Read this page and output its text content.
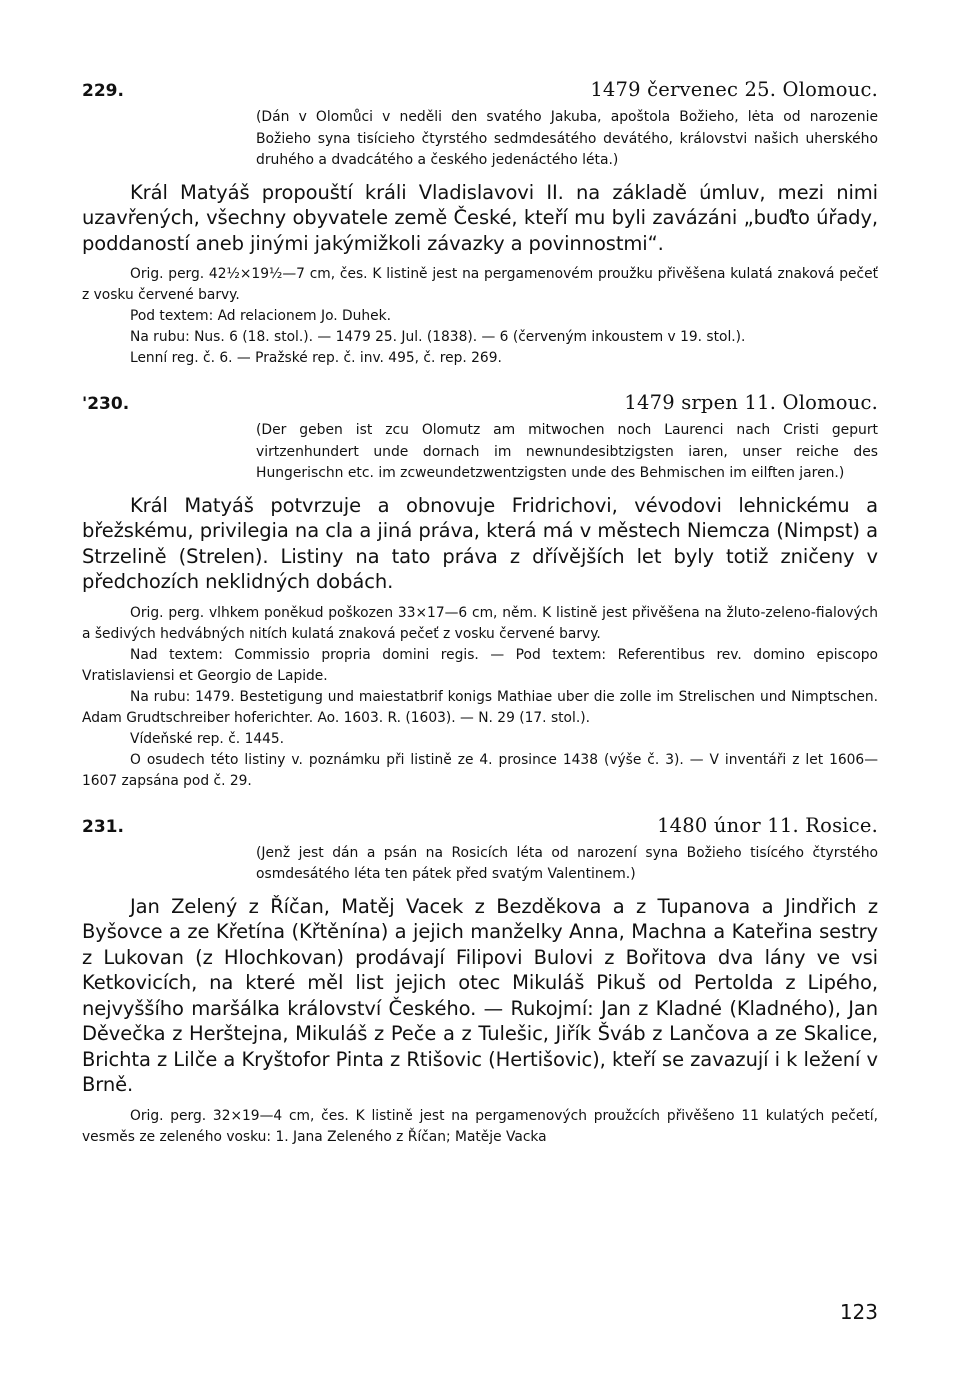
229.	1479 červenec 25. Olomouc.
(Dán v Olomůci v neděli den svatého Jakuba, apoštola Božieho, lėta od narozenie Božieho syna tisícieho čtyrstého sedmdesátého devátého, královstvi našich uherského druhého a dvadcátého a českého jedenáctého léta.)
Král Matyáš propouští králi Vladislavovi II. na základě úmluv, mezi nimi uzavřených, všechny obyvatele země České, kteří mu byli zavázáni „buďto úřady, poddaností aneb jinými jakýmižkoli závazky a povinnostmi“.

Orig. perg. 42½×19½—7 cm, čes. K listině jest na pergamenovém proužku přivěšena kulatá znaková pečeť z vosku červené barvy.

Pod textem: Ad relacionem Jo. Duhek.

Na rubu: Nus. 6 (18. stol.). — 1479 25. Jul. (1838). — 6 (červeným inkoustem v 19. stol.).

Lenní reg. č. 6. — Pražské rep. č. inv. 495, č. rep. 269.

'230.	1479 srpen 11. Olomouc.
(Der geben ist zcu Olomutz am mitwochen noch Laurenci nach Cristi gepurt virtzenhundert unde dornach im newnundesibtzigsten iaren, unser reiche des Hungerischn etc. im zcweundetzwentzigsten unde des Behmischen im eilften jaren.)
Král Matyáš potvrzuje a obnovuje Fridrichovi, vévodovi lehnickému a břežskému, privilegia na cla a jiná práva, která má v městech Niemcza (Nimpst) a Strzelině (Strelen). Listiny na tato práva z dřívějších let byly totiž zničeny v předchozích neklidných dobách.

Orig. perg. vlhkem poněkud poškozen 33×17—6 cm, něm. K listině jest přivěšena na žluto-zeleno-fialových a šedivých hedvábných nitích kulatá znaková pečeť z vosku červené barvy.

Nad textem: Commissio propria domini regis. — Pod textem: Referentibus rev. domino episcopo Vratislaviensi et Georgio de Lapide.

Na rubu: 1479. Bestetigung und maiestatbrif konigs Mathiae uber die zolle im Strelischen und Nimptschen. Adam Grudtschreiber hoferichter. Ao. 1603. R. (1603). — N. 29 (17. stol.).

Vídeňské rep. č. 1445.

O osudech této listiny v. poznámku při listině ze 4. prosince 1438 (výše č. 3). — V inventáři z let 1606—1607 zapsána pod č. 29.

231.	1480 únor 11. Rosice.
(Jenž jest dán a psán na Rosicích léta od narození syna Božieho tisícého čtyrstého osmdesátého léta ten pátek před svatým Valentinem.)
Jan Zelený z Říčan, Matěj Vacek z Bezděkova a z Tupanova a Jindřich z Byšovce a ze Křetína (Křtěnína) a jejich manželky Anna, Machna a Kateřina sestry z Lukovan (z Hlochkovan) prodávají Filipovi Bulovi z Bořitova dva lány ve vsi Ketkovicích, na které měl list jejich otec Mikuláš Pikuš od Pertolda z Lipého, nejvyššího maršálka království Českého. — Rukojmí: Jan z Kladné (Kladného), Jan Děvečka z Herštejna, Mikuláš z Peče a z Tulešic, Jiřík Šváb z Lančova a ze Skalice, Brichta z Lilče a Kryštofor Pinta z Rtišovic (Hertišovic), kteří se zavazují i k ležení v Brně.

Orig. perg. 32×19—4 cm, čes. K listině jest na pergamenových proužcích přivěšeno 11 kulatých pečetí, vesměs ze zeleného vosku: 1. Jana Zeleného z Říčan; Matěje Vacka

123
